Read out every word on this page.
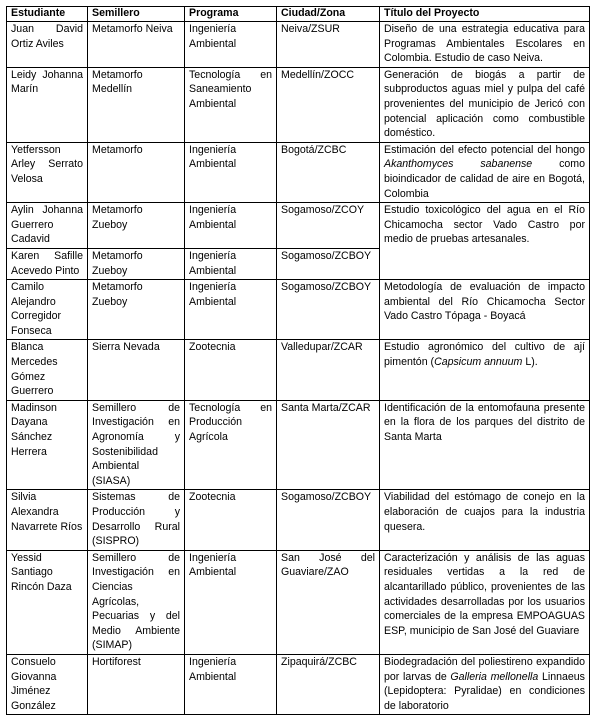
Estudiante	Semillero	Programa	Ciudad/Zona	Título del Proyecto
Juan David Ortiz Aviles	Metamorfo Neiva	Ingeniería Ambiental	Neiva/ZSUR	Diseño de una estrategia educativa para Programas Ambientales Escolares en Colombia. Estudio de caso Neiva.
Leidy Johanna Marín	Metamorfo Medellín	Tecnología en Saneamiento Ambiental	Medellín/ZOCC	Generación de biogás a partir de subproductos aguas miel y pulpa del café provenientes del municipio de Jericó con potencial aplicación como combustible doméstico.
Yetfersson Arley Serrato Velosa	Metamorfo	Ingeniería Ambiental	Bogotá/ZCBC	Estimación del efecto potencial del hongo Akanthomyces sabanense como bioindicador de calidad de aire en Bogotá, Colombia
Aylin Johanna Guerrero Cadavid	Metamorfo Zueboy	Ingeniería Ambiental	Sogamoso/ZCOY	Estudio toxicológico del agua en el Río Chicamocha sector Vado Castro por medio de pruebas artesanales.
Karen Safille Acevedo Pinto	Metamorfo Zueboy	Ingeniería Ambiental	Sogamoso/ZCBOY	
Camilo Alejandro Corregidor Fonseca	Metamorfo Zueboy	Ingeniería Ambiental	Sogamoso/ZCBOY	Metodología de evaluación de impacto ambiental del Río Chicamocha Sector Vado Castro Tópaga - Boyacá
Blanca Mercedes Gómez Guerrero	Sierra Nevada	Zootecnia	Valledupar/ZCAR	Estudio agronómico del cultivo de ají pimentón (Capsicum annuum L).
Madinson Dayana Sánchez Herrera	Semillero de Investigación en Agronomía y Sostenibilidad Ambiental (SIASA)	Tecnología en Producción Agrícola	Santa Marta/ZCAR	Identificación de la entomofauna presente en la flora de los parques del distrito de Santa Marta
Silvia Alexandra Navarrete Ríos	Sistemas de Producción y Desarrollo Rural (SISPRO)	Zootecnia	Sogamoso/ZCBOY	Viabilidad del estómago de conejo en la elaboración de cuajos para la industria quesera.
Yessid Santiago Rincón Daza	Semillero de Investigación en Ciencias Agrícolas, Pecuarias y del Medio Ambiente (SIMAP)	Ingeniería Ambiental	San José del Guaviare/ZAO	Caracterización y análisis de las aguas residuales vertidas a la red de alcantarillado público, provenientes de las actividades desarrolladas por los usuarios comerciales de la empresa EMPOAGUAS ESP, municipio de San José del Guaviare
Consuelo Giovanna Jiménez González	Hortiforest	Ingeniería Ambiental	Zipaquirá/ZCBC	Biodegradación del poliestireno expandido por larvas de Galleria mellonella Linnaeus (Lepidoptera: Pyralidae) en condiciones de laboratorio
